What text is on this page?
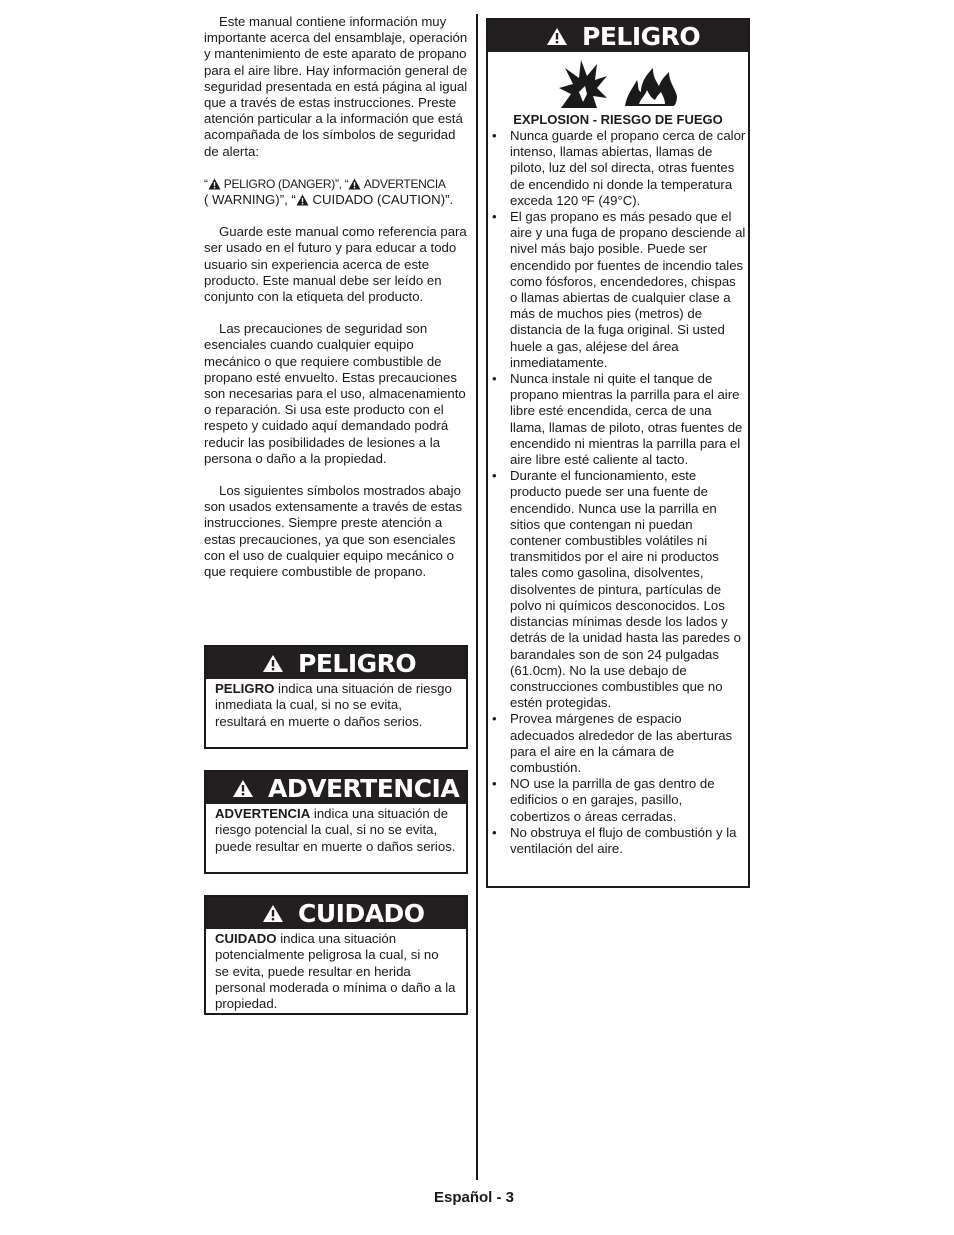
Este manual contiene información muy importante acerca del ensamblaje, operación y mantenimiento de este aparato de propano para el aire libre. Hay información general de seguridad presentada en está página al igual que a través de estas instrucciones. Preste atención particular a la información que está acompañada de los símbolos de seguridad de alerta:

“ PELIGRO (DANGER)”, “ ADVERTENCIA

( WARNING)”, “ CUIDADO (CAUTION)”.

Guarde este manual como referencia para ser usado en el futuro y para educar a todo usuario sin experiencia acerca de este producto. Este manual debe ser leído en conjunto con la etiqueta del producto.

Las precauciones de seguridad son esenciales cuando cualquier equipo mecánico o que requiere combustible de propano esté envuelto. Estas precauciones son necesarias para el uso, almacenamiento o reparación. Si usa este producto con el respeto y cuidado aquí demandado podrá reducir las posibilidades de lesiones a la persona o daño a la propiedad.

Los siguientes símbolos mostrados abajo son usados extensamente a través de estas instrucciones. Siempre preste atención a estas precauciones, ya que son esenciales con el uso de cualquier equipo mecánico o que requiere combustible de propano.

PELIGRO
PELIGRO indica una situación de riesgo inmediata la cual, si no se evita, resultará en muerte o daños serios.
ADVERTENCIA
ADVERTENCIA indica una situación de riesgo potencial la cual, si no se evita, puede resultar en muerte o daños serios.
CUIDADO
CUIDADO indica una situación potencialmente peligrosa la cual, si no se evita, puede resultar en herida personal moderada o mínima o daño a la propiedad.
PELIGRO
EXPLOSION - RIESGO DE FUEGO
• Nunca guarde el propano cerca de calor intenso, llamas abiertas, llamas de piloto, luz del sol directa, otras fuentes de encendido ni donde la temperatura exceda 120 ºF (49°C).
• El gas propano es más pesado que el aire y una fuga de propano desciende al nivel más bajo posible. Puede ser encendido por fuentes de incendio tales como fósforos, encendedores, chispas o llamas abiertas de cualquier clase a más de muchos pies (metros) de distancia de la fuga original. Si usted huele a gas, aléjese del área inmediatamente.
• Nunca instale ni quite el tanque de propano mientras la parrilla para el aire libre esté encendida, cerca de una llama, llamas de piloto, otras fuentes de encendido ni mientras la parrilla para el aire libre esté caliente al tacto.
• Durante el funcionamiento, este producto puede ser una fuente de encendido. Nunca use la parrilla en sitios que contengan ni puedan contener combustibles volátiles ni transmitidos por el aire ni productos tales como gasolina, disolventes, disolventes de pintura, partículas de polvo ni químicos desconocidos. Los distancias mínimas desde los lados y detrás de la unidad hasta las paredes o barandales son de son 24 pulgadas (61.0cm). No la use debajo de construcciones combustibles que no estén protegidas.
• Provea márgenes de espacio adecuados alrededor de las aberturas para el aire en la cámara de combustión.
• NO use la parrilla de gas dentro de edificios o en garajes, pasillo, cobertizos o áreas cerradas.
• No obstruya el flujo de combustión y la ventilación del aire.
Español - 3
